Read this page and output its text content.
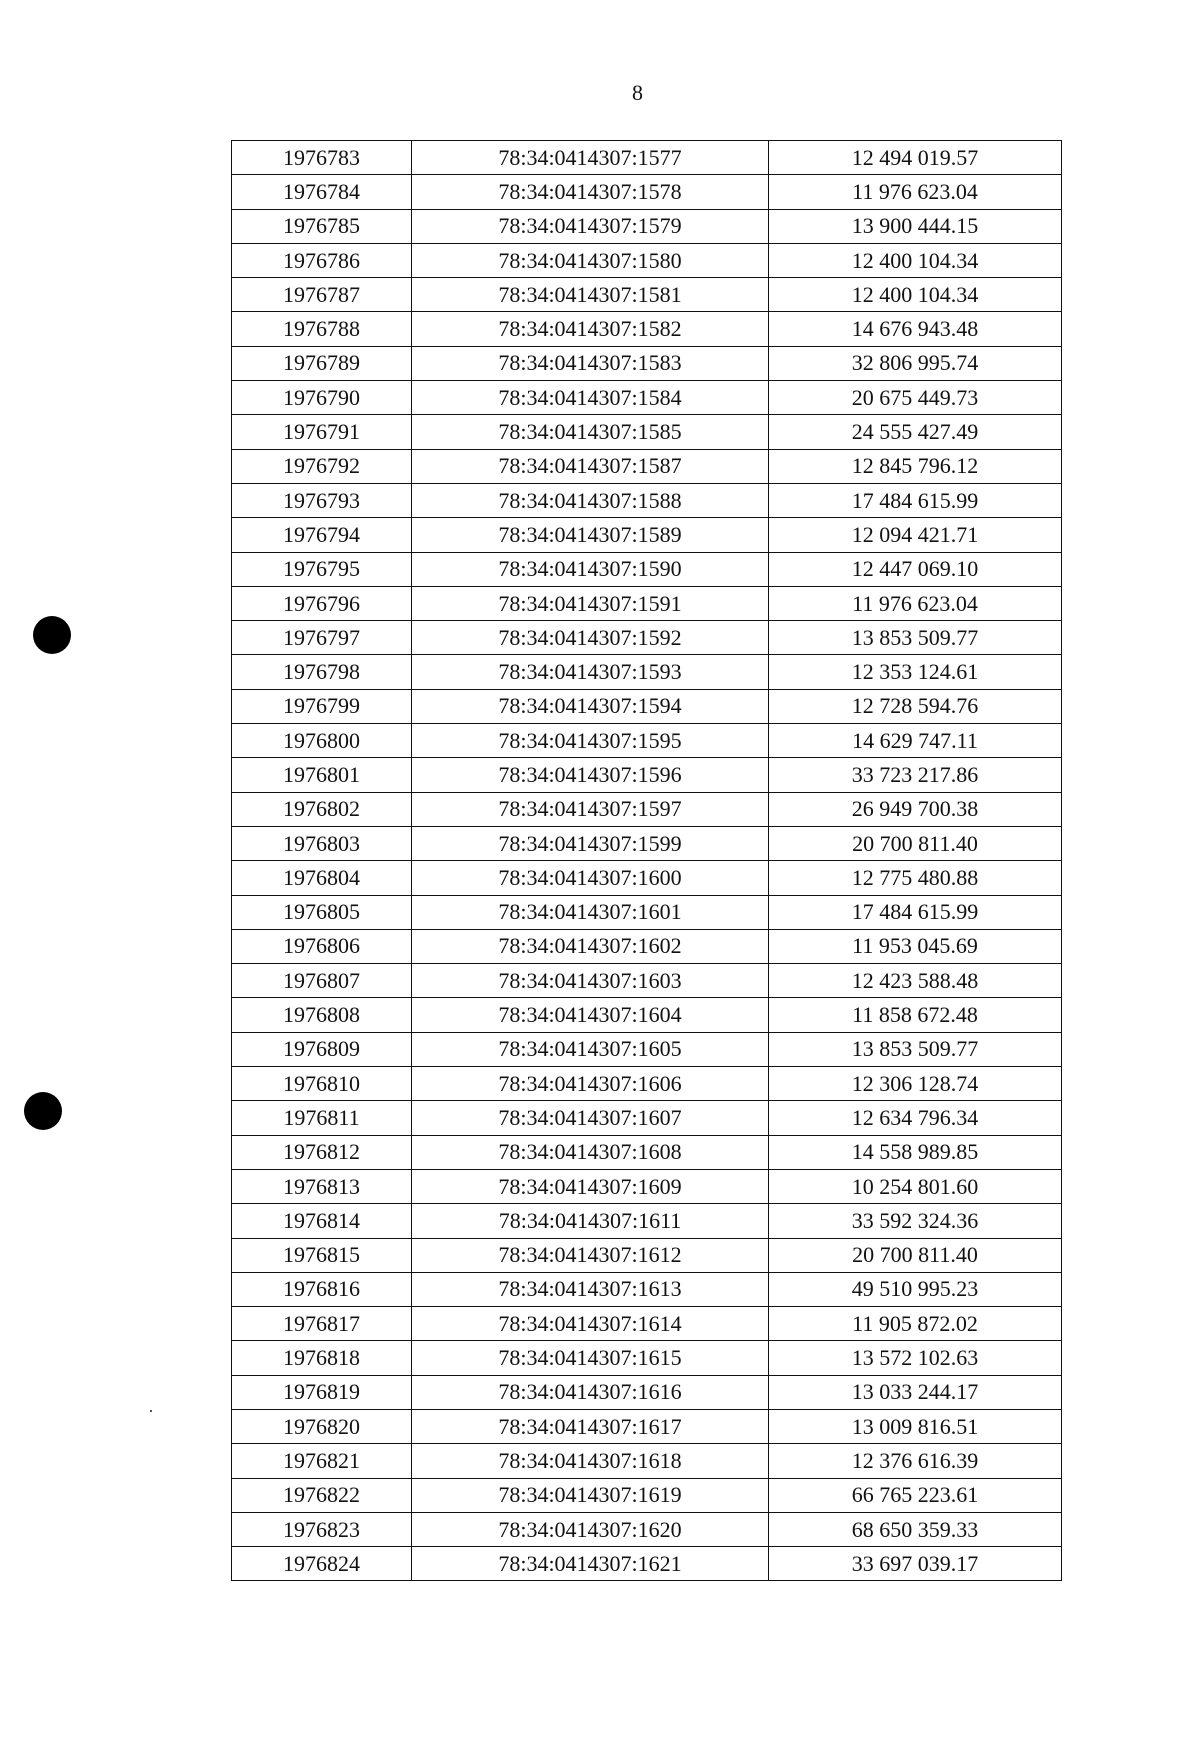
8
1976783	78:34:0414307:1577	12 494 019.57
1976784	78:34:0414307:1578	11 976 623.04
1976785	78:34:0414307:1579	13 900 444.15
1976786	78:34:0414307:1580	12 400 104.34
1976787	78:34:0414307:1581	12 400 104.34
1976788	78:34:0414307:1582	14 676 943.48
1976789	78:34:0414307:1583	32 806 995.74
1976790	78:34:0414307:1584	20 675 449.73
1976791	78:34:0414307:1585	24 555 427.49
1976792	78:34:0414307:1587	12 845 796.12
1976793	78:34:0414307:1588	17 484 615.99
1976794	78:34:0414307:1589	12 094 421.71
1976795	78:34:0414307:1590	12 447 069.10
1976796	78:34:0414307:1591	11 976 623.04
1976797	78:34:0414307:1592	13 853 509.77
1976798	78:34:0414307:1593	12 353 124.61
1976799	78:34:0414307:1594	12 728 594.76
1976800	78:34:0414307:1595	14 629 747.11
1976801	78:34:0414307:1596	33 723 217.86
1976802	78:34:0414307:1597	26 949 700.38
1976803	78:34:0414307:1599	20 700 811.40
1976804	78:34:0414307:1600	12 775 480.88
1976805	78:34:0414307:1601	17 484 615.99
1976806	78:34:0414307:1602	11 953 045.69
1976807	78:34:0414307:1603	12 423 588.48
1976808	78:34:0414307:1604	11 858 672.48
1976809	78:34:0414307:1605	13 853 509.77
1976810	78:34:0414307:1606	12 306 128.74
1976811	78:34:0414307:1607	12 634 796.34
1976812	78:34:0414307:1608	14 558 989.85
1976813	78:34:0414307:1609	10 254 801.60
1976814	78:34:0414307:1611	33 592 324.36
1976815	78:34:0414307:1612	20 700 811.40
1976816	78:34:0414307:1613	49 510 995.23
1976817	78:34:0414307:1614	11 905 872.02
1976818	78:34:0414307:1615	13 572 102.63
1976819	78:34:0414307:1616	13 033 244.17
1976820	78:34:0414307:1617	13 009 816.51
1976821	78:34:0414307:1618	12 376 616.39
1976822	78:34:0414307:1619	66 765 223.61
1976823	78:34:0414307:1620	68 650 359.33
1976824	78:34:0414307:1621	33 697 039.17
